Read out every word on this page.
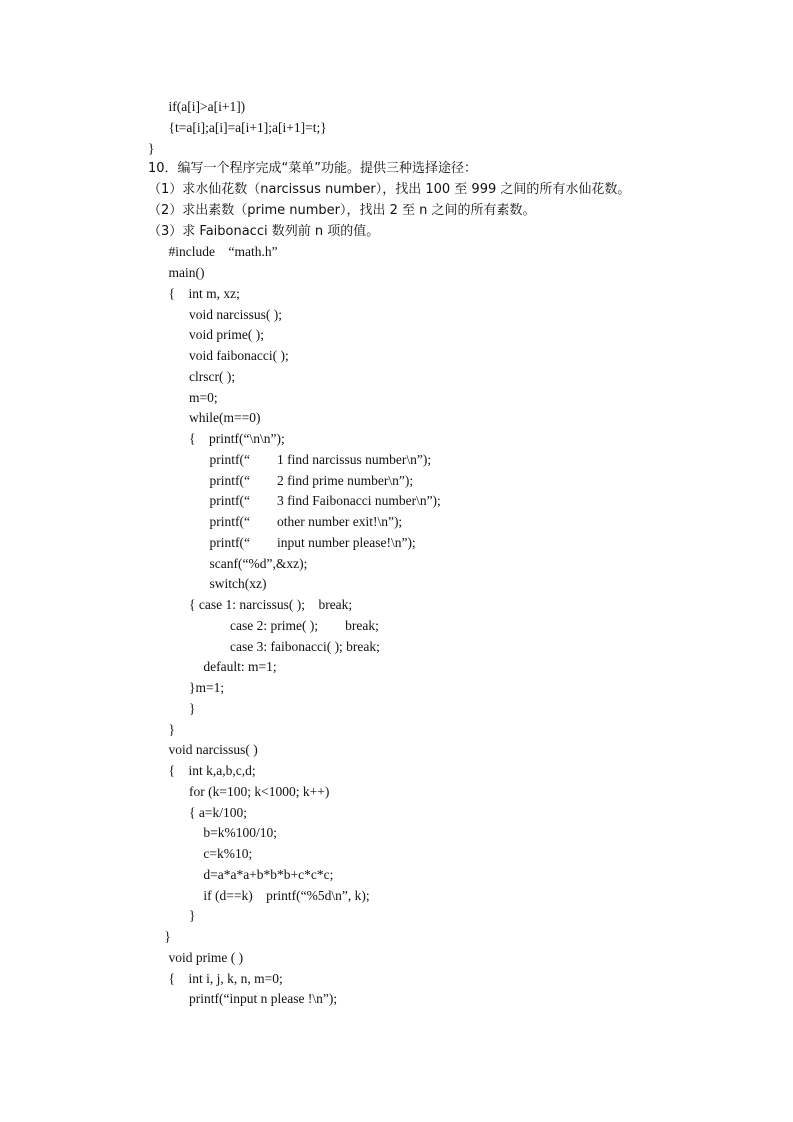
if(a[i]>a[i+1])
{t=a[i];a[i]=a[i+1];a[i+1]=t;}
}
10．编写一个程序完成“菜单”功能。提供三种选择途径：
（1）求水仙花数（narcissus number），找出 100 至 999 之间的所有水仙花数。
（2）求出素数（prime number），找出 2 至 n 之间的所有素数。
（3）求 Faibonacci 数列前 n 项的值。
#include    “math.h”
main()
{    int m, xz;
void narcissus( );
void prime( );
void faibonacci( );
clrscr( );
m=0;
while(m==0)
{    printf(“\n\n”);
printf(“        1 find narcissus number\n”);
printf(“        2 find prime number\n”);
printf(“        3 find Faibonacci number\n”);
printf(“        other number exit!\n”);
printf(“        input number please!\n”);
scanf(“%d”,&xz);
switch(xz)
{ case 1: narcissus( );    break;
case 2: prime( );        break;
case 3: faibonacci( ); break;
default: m=1;
}m=1;
}
}
void narcissus( )
{    int k,a,b,c,d;
for (k=100; k<1000; k++)
{ a=k/100;
b=k%100/10;
c=k%10;
d=a*a*a+b*b*b+c*c*c;
if (d==k)    printf(“%5d\n”, k);
}
}
void prime ( )
{    int i, j, k, n, m=0;
printf(“input n please !\n”);
